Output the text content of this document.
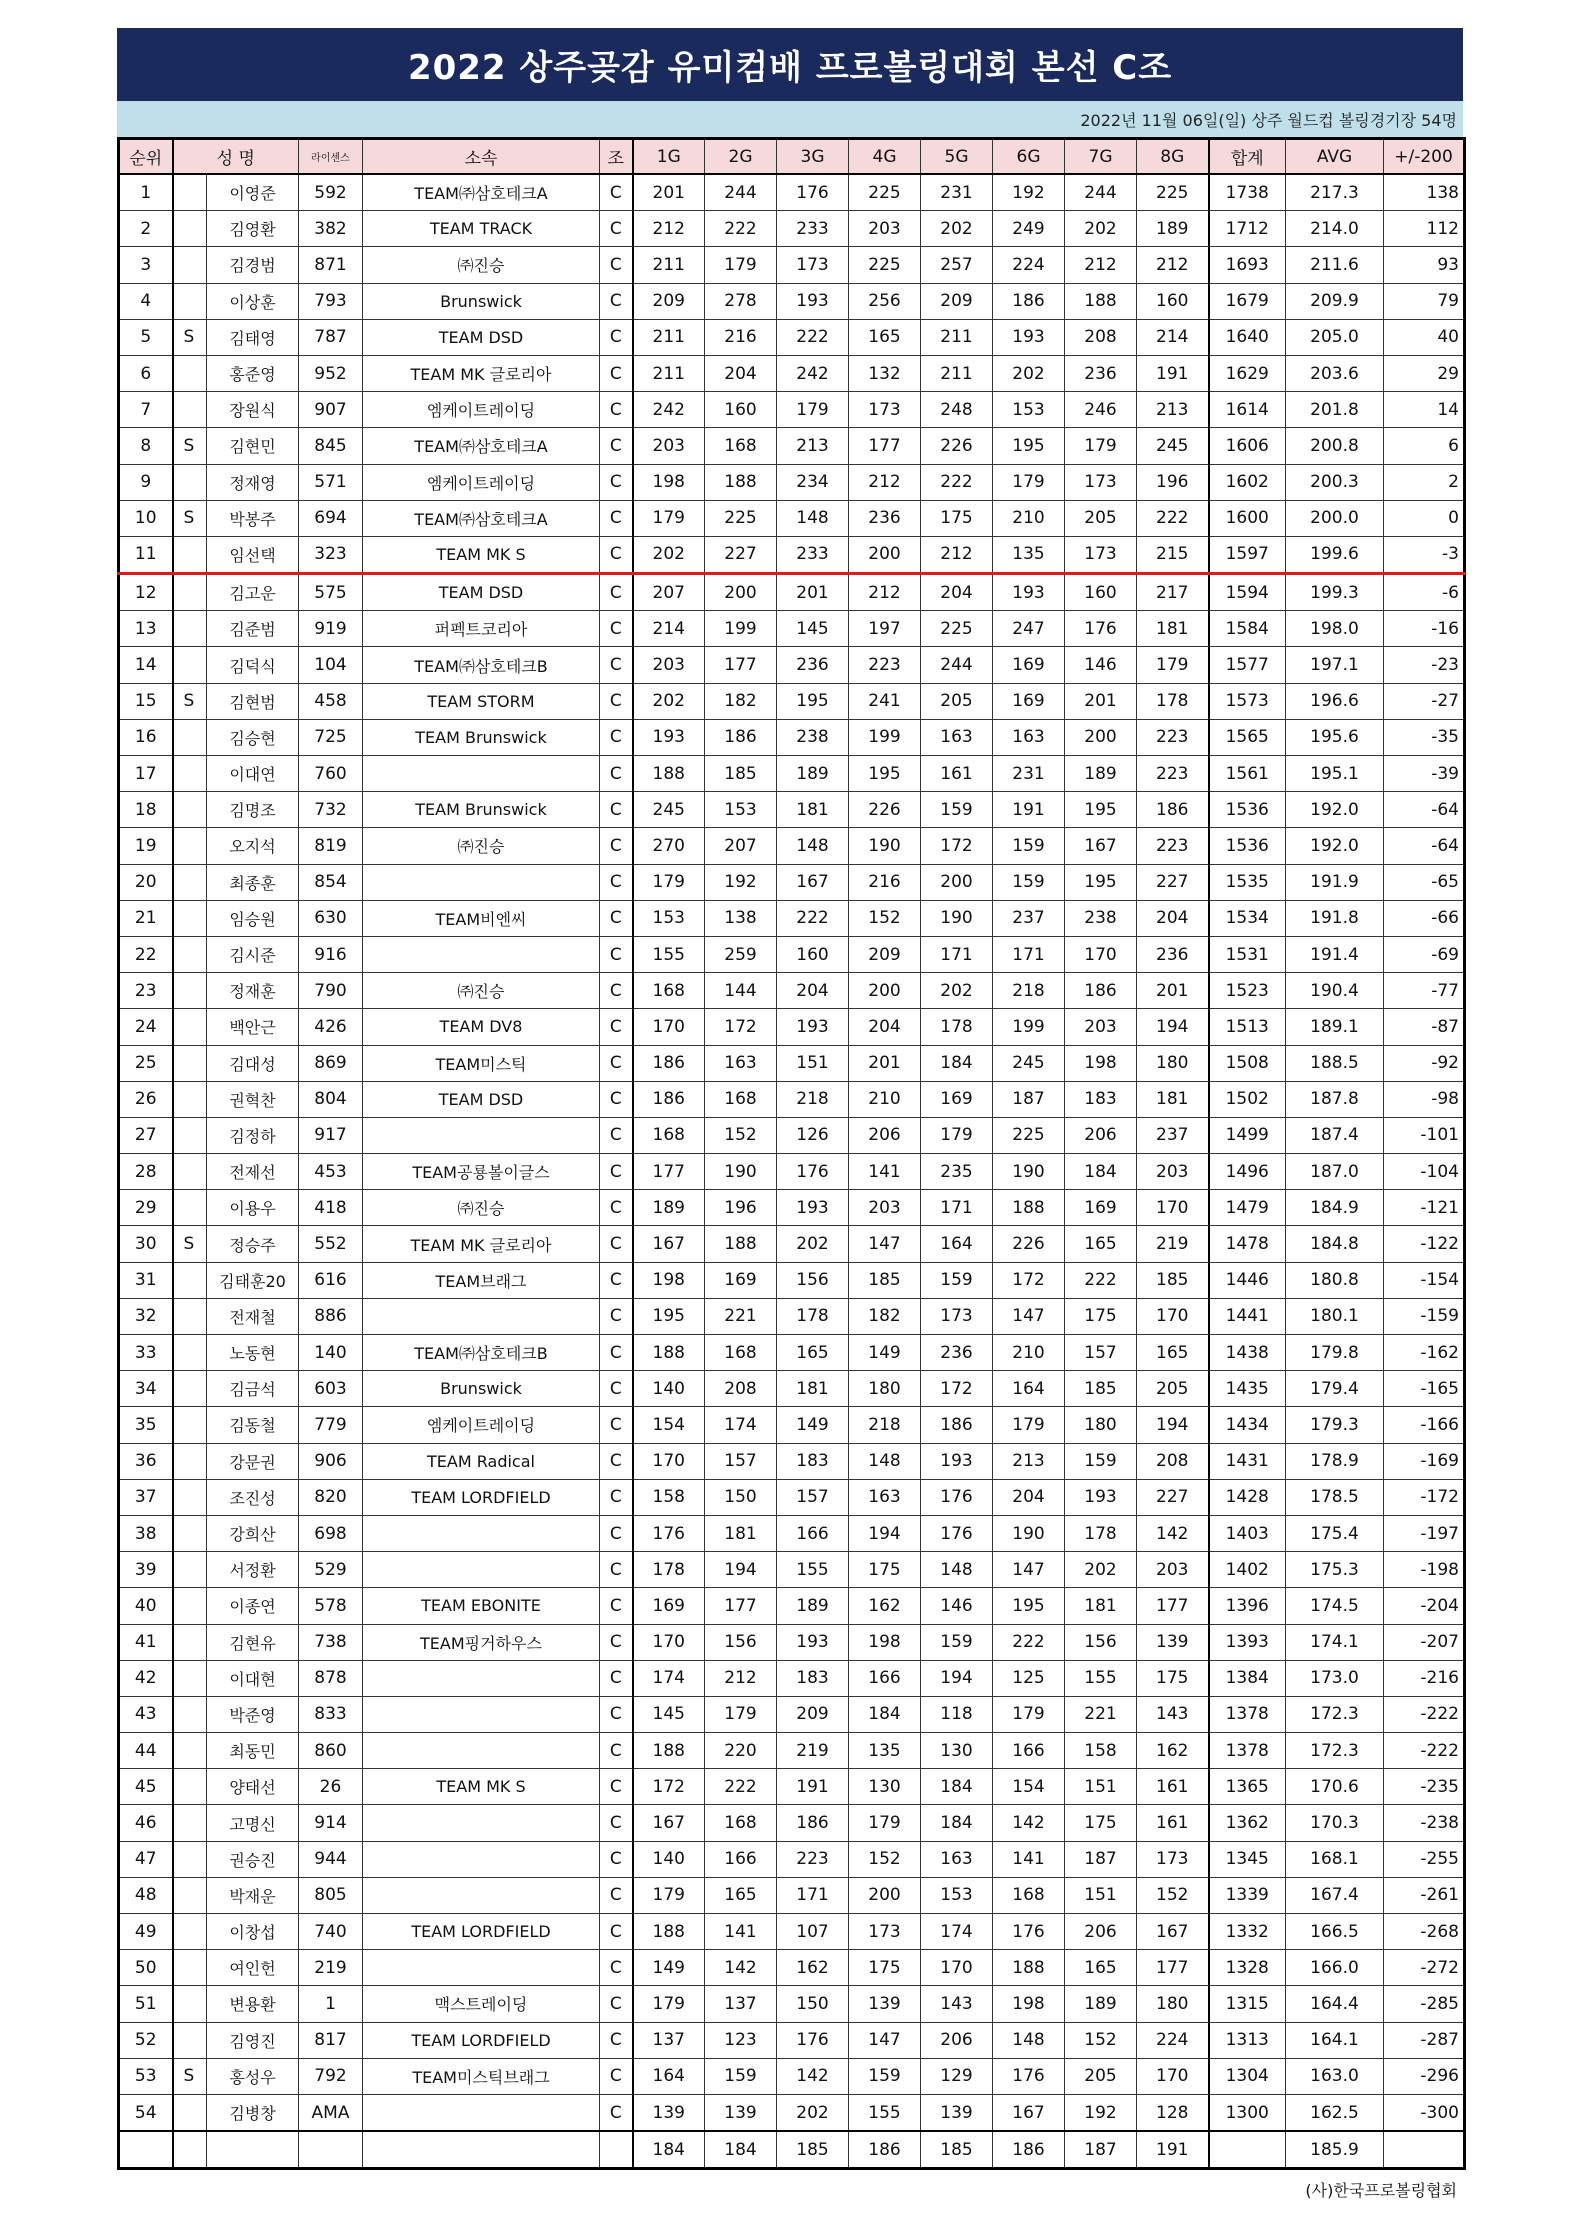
2022 상주곶감 유미컴배 프로볼링대회 본선 C조
2022년 11월 06일(일) 상주 월드컵 볼링경기장 54명
순위	성 명		라이센스	소속	조	1G	2G	3G	4G	5G	6G	7G	8G	합계	AVG	+/-200
1		이영준	592	TEAM㈜삼호테크A	C	201	244	176	225	231	192	244	225	1738	217.3	138
2		김영환	382	TEAM TRACK	C	212	222	233	203	202	249	202	189	1712	214.0	112
3		김경범	871	㈜진승	C	211	179	173	225	257	224	212	212	1693	211.6	93
4		이상훈	793	Brunswick	C	209	278	193	256	209	186	188	160	1679	209.9	79
5	S	김태영	787	TEAM DSD	C	211	216	222	165	211	193	208	214	1640	205.0	40
6		홍준영	952	TEAM MK 글로리아	C	211	204	242	132	211	202	236	191	1629	203.6	29
7		장원식	907	엠케이트레이딩	C	242	160	179	173	248	153	246	213	1614	201.8	14
8	S	김현민	845	TEAM㈜삼호테크A	C	203	168	213	177	226	195	179	245	1606	200.8	6
9		정재영	571	엠케이트레이딩	C	198	188	234	212	222	179	173	196	1602	200.3	2
10	S	박봉주	694	TEAM㈜삼호테크A	C	179	225	148	236	175	210	205	222	1600	200.0	0
11		임선택	323	TEAM MK S	C	202	227	233	200	212	135	173	215	1597	199.6	-3
12		김고운	575	TEAM DSD	C	207	200	201	212	204	193	160	217	1594	199.3	-6
13		김준범	919	퍼펙트코리아	C	214	199	145	197	225	247	176	181	1584	198.0	-16
14		김덕식	104	TEAM㈜삼호테크B	C	203	177	236	223	244	169	146	179	1577	197.1	-23
15	S	김현범	458	TEAM STORM	C	202	182	195	241	205	169	201	178	1573	196.6	-27
16		김승현	725	TEAM Brunswick	C	193	186	238	199	163	163	200	223	1565	195.6	-35
17		이대연	760		C	188	185	189	195	161	231	189	223	1561	195.1	-39
18		김명조	732	TEAM Brunswick	C	245	153	181	226	159	191	195	186	1536	192.0	-64
19		오지석	819	㈜진승	C	270	207	148	190	172	159	167	223	1536	192.0	-64
20		최종훈	854		C	179	192	167	216	200	159	195	227	1535	191.9	-65
21		임승원	630	TEAM비엔씨	C	153	138	222	152	190	237	238	204	1534	191.8	-66
22		김시준	916		C	155	259	160	209	171	171	170	236	1531	191.4	-69
23		정재훈	790	㈜진승	C	168	144	204	200	202	218	186	201	1523	190.4	-77
24		백안근	426	TEAM DV8	C	170	172	193	204	178	199	203	194	1513	189.1	-87
25		김대성	869	TEAM미스틱	C	186	163	151	201	184	245	198	180	1508	188.5	-92
26		권혁찬	804	TEAM DSD	C	186	168	218	210	169	187	183	181	1502	187.8	-98
27		김정하	917		C	168	152	126	206	179	225	206	237	1499	187.4	-101
28		전제선	453	TEAM공룡볼이글스	C	177	190	176	141	235	190	184	203	1496	187.0	-104
29		이용우	418	㈜진승	C	189	196	193	203	171	188	169	170	1479	184.9	-121
30	S	정승주	552	TEAM MK 글로리아	C	167	188	202	147	164	226	165	219	1478	184.8	-122
31		김태훈20	616	TEAM브래그	C	198	169	156	185	159	172	222	185	1446	180.8	-154
32		전재철	886		C	195	221	178	182	173	147	175	170	1441	180.1	-159
33		노동현	140	TEAM㈜삼호테크B	C	188	168	165	149	236	210	157	165	1438	179.8	-162
34		김금석	603	Brunswick	C	140	208	181	180	172	164	185	205	1435	179.4	-165
35		김동철	779	엠케이트레이딩	C	154	174	149	218	186	179	180	194	1434	179.3	-166
36		강문권	906	TEAM Radical	C	170	157	183	148	193	213	159	208	1431	178.9	-169
37		조진성	820	TEAM LORDFIELD	C	158	150	157	163	176	204	193	227	1428	178.5	-172
38		강희산	698		C	176	181	166	194	176	190	178	142	1403	175.4	-197
39		서정환	529		C	178	194	155	175	148	147	202	203	1402	175.3	-198
40		이종연	578	TEAM EBONITE	C	169	177	189	162	146	195	181	177	1396	174.5	-204
41		김현유	738	TEAM핑거하우스	C	170	156	193	198	159	222	156	139	1393	174.1	-207
42		이대현	878		C	174	212	183	166	194	125	155	175	1384	173.0	-216
43		박준영	833		C	145	179	209	184	118	179	221	143	1378	172.3	-222
44		최동민	860		C	188	220	219	135	130	166	158	162	1378	172.3	-222
45		양태선	26	TEAM MK S	C	172	222	191	130	184	154	151	161	1365	170.6	-235
46		고명신	914		C	167	168	186	179	184	142	175	161	1362	170.3	-238
47		권승진	944		C	140	166	223	152	163	141	187	173	1345	168.1	-255
48		박재운	805		C	179	165	171	200	153	168	151	152	1339	167.4	-261
49		이창섭	740	TEAM LORDFIELD	C	188	141	107	173	174	176	206	167	1332	166.5	-268
50		여인헌	219		C	149	142	162	175	170	188	165	177	1328	166.0	-272
51		변용환	1	맥스트레이딩	C	179	137	150	139	143	198	189	180	1315	164.4	-285
52		김영진	817	TEAM LORDFIELD	C	137	123	176	147	206	148	152	224	1313	164.1	-287
53	S	홍성우	792	TEAM미스틱브래그	C	164	159	142	159	129	176	205	170	1304	163.0	-296
54		김병창	AMA		C	139	139	202	155	139	167	192	128	1300	162.5	-300
						184	184	185	186	185	186	187	191		185.9	
(사)한국프로볼링협회
